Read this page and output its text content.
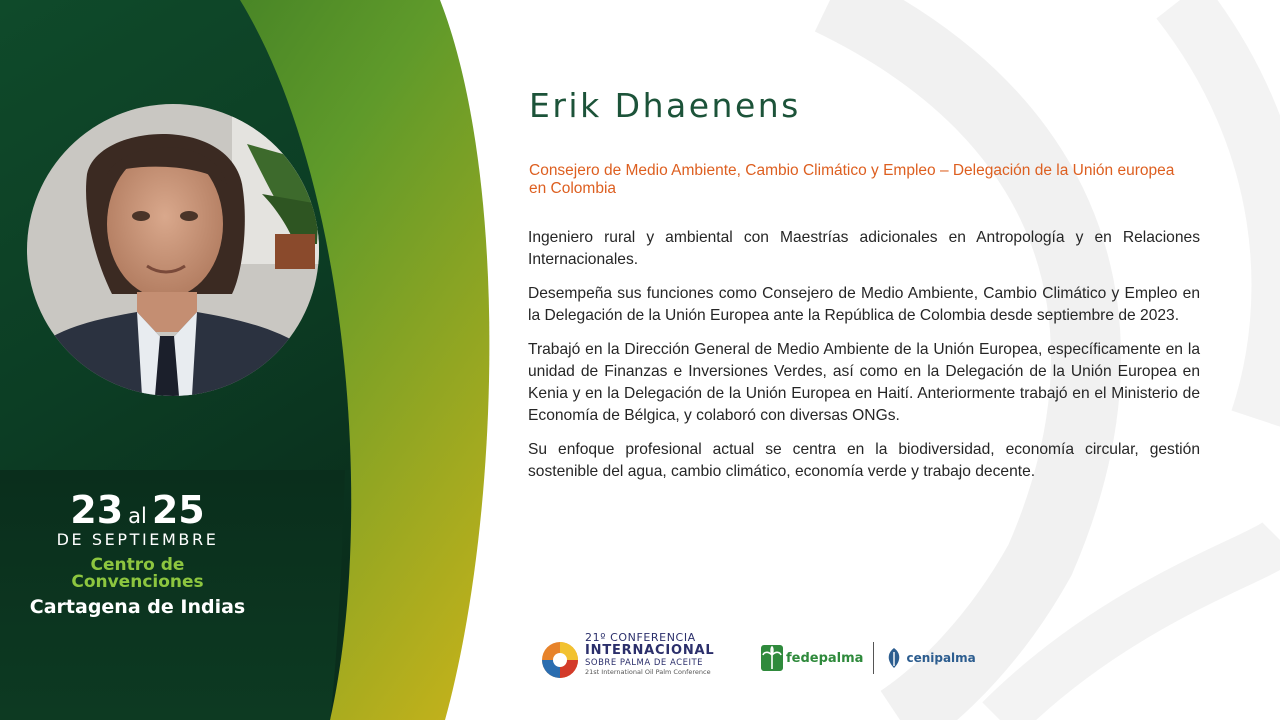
23 al 25
DE SEPTIEMBRE
Centro de
Convenciones
Cartagena de Indias
Erik Dhaenens
Consejero de Medio Ambiente, Cambio Climático y Empleo – Delegación de la Unión europea en Colombia

Ingeniero rural y ambiental con Maestrías adicionales en Antropología y en Relaciones Internacionales.

Desempeña sus funciones como Consejero de Medio Ambiente, Cambio Climático y Empleo en la Delegación de la Unión Europea ante la República de Colombia desde septiembre de 2023.

Trabajó en la Dirección General de Medio Ambiente de la Unión Europea, específicamente en la unidad de Finanzas e Inversiones Verdes, así como en la Delegación de la Unión Europea en Kenia y en la Delegación de la Unión Europea en Haití. Anteriormente trabajó en el Ministerio de Economía de Bélgica, y colaboró con diversas ONGs.

Su enfoque profesional actual se centra en la biodiversidad, economía circular, gestión sostenible del agua, cambio climático, economía verde y trabajo decente.

21º CONFERENCIA
INTERNACIONAL
SOBRE PALMA DE ACEITE
21st International Oil Palm Conference
fedepalma	cenipalma
